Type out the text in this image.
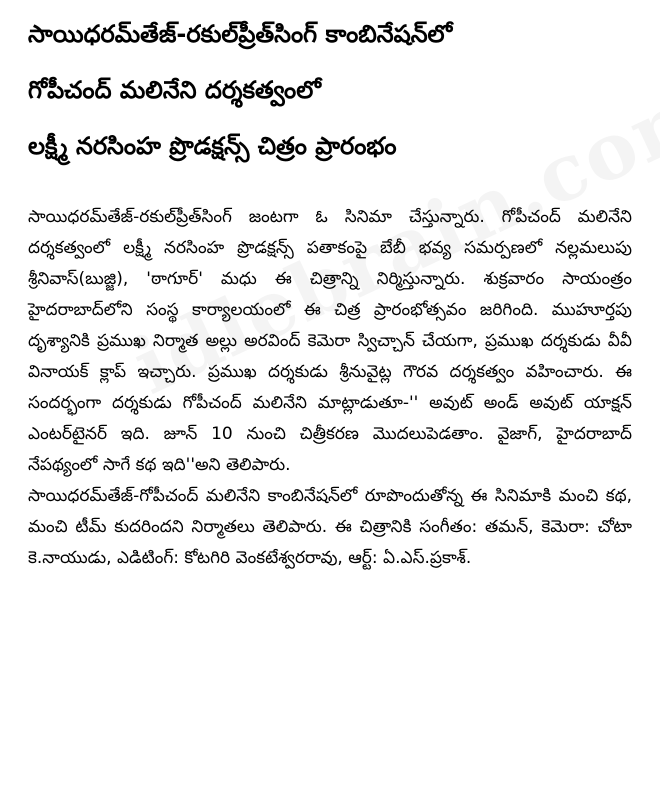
సాయిధరమ్‌తేజ్‌-రకుల్‌ప్రీత్‌సింగ్‌ కాంబినేషన్‌లో
గోపీచంద్‌ మలినేని దర్శకత్వంలో
లక్ష్మీ నరసింహ ప్రొడక్షన్స్‌ చిత్రం ప్రారంభం

సాయిధరమ్‌తేజ్‌-రకుల్‌ప్రీత్‌సింగ్‌ జంటగా ఓ సినిమా చేస్తున్నారు. గోపీచంద్‌ మలినేని దర్శకత్వంలో లక్ష్మీ నరసింహ ప్రొడక్షన్స్‌ పతాకంపై బేబీ భవ్య సమర్పణలో నల్లమలుపు శ్రీనివాస్‌(బుజ్జి), 'ఠాగూర్‌' మధు ఈ చిత్రాన్ని నిర్మిస్తున్నారు. శుక్రవారం సాయంత్రం హైదరాబాద్‌లోని సంస్థ కార్యాలయంలో ఈ చిత్ర ప్రారంభోత్సవం జరిగింది. ముహూర్తపు దృశ్యానికి ప్రముఖ నిర్మాత అల్లు అరవింద్‌ కెమెరా స్విచ్చాన్‌ చేయగా, ప్రముఖ దర్శకుడు వీవీ వినాయక్‌ క్లాప్‌ ఇచ్చారు. ప్రముఖ దర్శకుడు శ్రీనువైట్ల గౌరవ దర్శకత్వం వహించారు. ఈ సందర్భంగా దర్శకుడు గోపీచంద్‌ మలినేని మాట్లాడుతూ-'' అవుట్‌ అండ్‌ అవుట్‌ యాక్షన్‌ ఎంటర్‌టైనర్‌ ఇది. జూన్‌ 10 నుంచి చిత్రీకరణ మొదలుపెడతాం. వైజాగ్‌, హైదరాబాద్‌ నేపథ్యంలో సాగే కథ ఇది''అని తెలిపారు.

సాయిధరమ్‌తేజ్‌-గోపీచంద్‌ మలినేని కాంబినేషన్‌లో రూపొందుతోన్న ఈ సినిమాకి మంచి కథ, మంచి టీమ్‌ కుదరిందని నిర్మాతలు తెలిపారు. ఈ చిత్రానికి సంగీతం: తమన్‌, కెమెరా: చోటా కె.నాయుడు, ఎడిటింగ్‌: కోటగిరి వెంకటేశ్వరరావు, ఆర్ట్‌: ఏ.ఎస్‌.ప్రకాశ్‌.
